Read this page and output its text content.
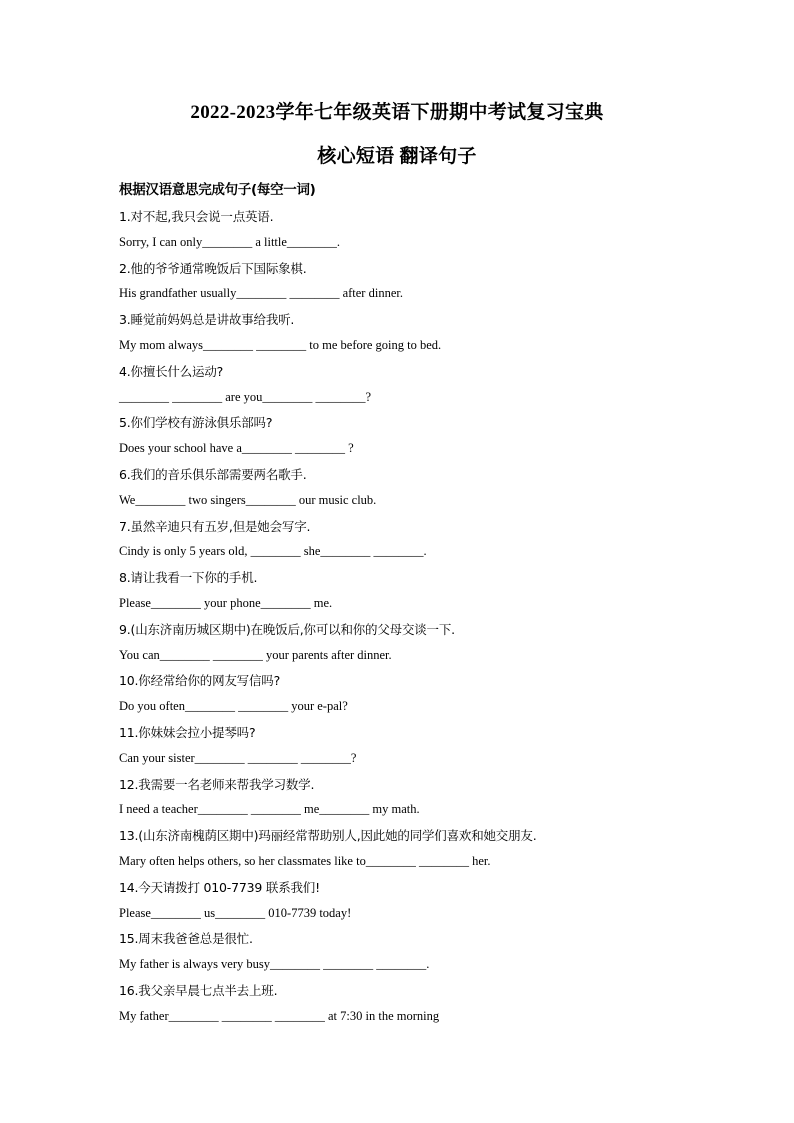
2022-2023学年七年级英语下册期中考试复习宝典
核心短语 翻译句子
根据汉语意思完成句子(每空一词)
1.对不起,我只会说一点英语.
Sorry, I can only________ a little________.
2.他的爷爷通常晚饭后下国际象棋.
His grandfather usually________ ________ after dinner.
3.睡觉前妈妈总是讲故事给我听.
My mom always________ ________ to me before going to bed.
4.你擅长什么运动?
________ ________ are you________ ________?
5.你们学校有游泳俱乐部吗?
Does your school have a________ ________ ?
6.我们的音乐俱乐部需要两名歌手.
We________ two singers________ our music club.
7.虽然辛迪只有五岁,但是她会写字.
Cindy is only 5 years old, ________ she________ ________.
8.请让我看一下你的手机.
Please________ your phone________ me.
9.(山东济南历城区期中)在晚饭后,你可以和你的父母交谈一下.
You can________ ________ your parents after dinner.
10.你经常给你的网友写信吗?
Do you often________ ________ your e-pal?
11.你妹妹会拉小提琴吗?
Can your sister________ ________ ________?
12.我需要一名老师来帮我学习数学.
I need a teacher________ ________ me________ my math.
13.(山东济南槐荫区期中)玛丽经常帮助别人,因此她的同学们喜欢和她交朋友.
Mary often helps others, so her classmates like to________ ________ her.
14.今天请拨打 010-7739 联系我们!
Please________ us________ 010-7739 today!
15.周末我爸爸总是很忙.
My father is always very busy________ ________ ________.
16.我父亲早晨七点半去上班.
My father________ ________ ________ at 7:30 in the morning
